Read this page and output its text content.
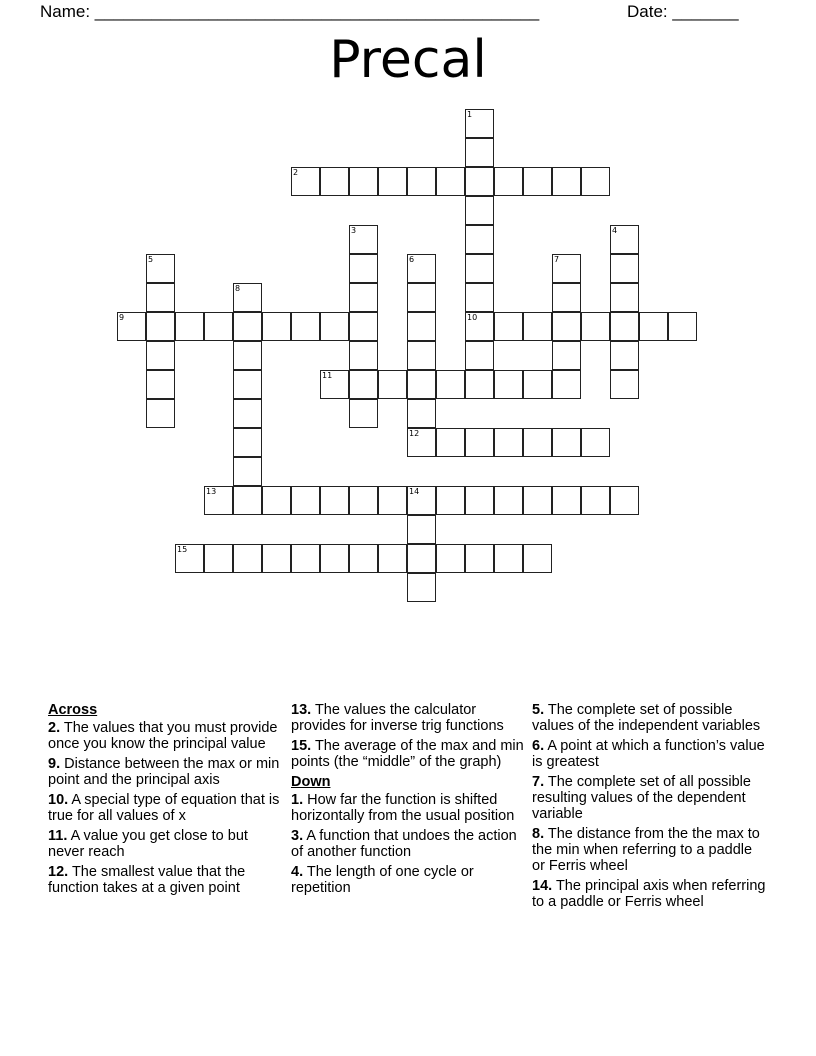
Name: _______________________________________________	Date: _______
Precal
1
10
2
3	4
5	6
12
7
8
9
11
13	14
15
Across
2. The values that you must provide once you know the principal value
9. Distance between the max or min point and the principal axis
10. A special type of equation that is true for all values of x
11. A value you get close to but never reach
12. The smallest value that the function takes at a given point
13. The values the calculator provides for inverse trig functions
15. The average of the max and min points (the “middle” of the graph)
Down
1. How far the function is shifted horizontally from the usual position
3. A function that undoes the action of another function
4. The length of one cycle or repetition
5. The complete set of possible values of the independent variables
6. A point at which a function’s value is greatest
7. The complete set of all possible resulting values of the dependent variable
8. The distance from the the max to the min when referring to a paddle or Ferris wheel
14. The principal axis when referring to a paddle or Ferris wheel
